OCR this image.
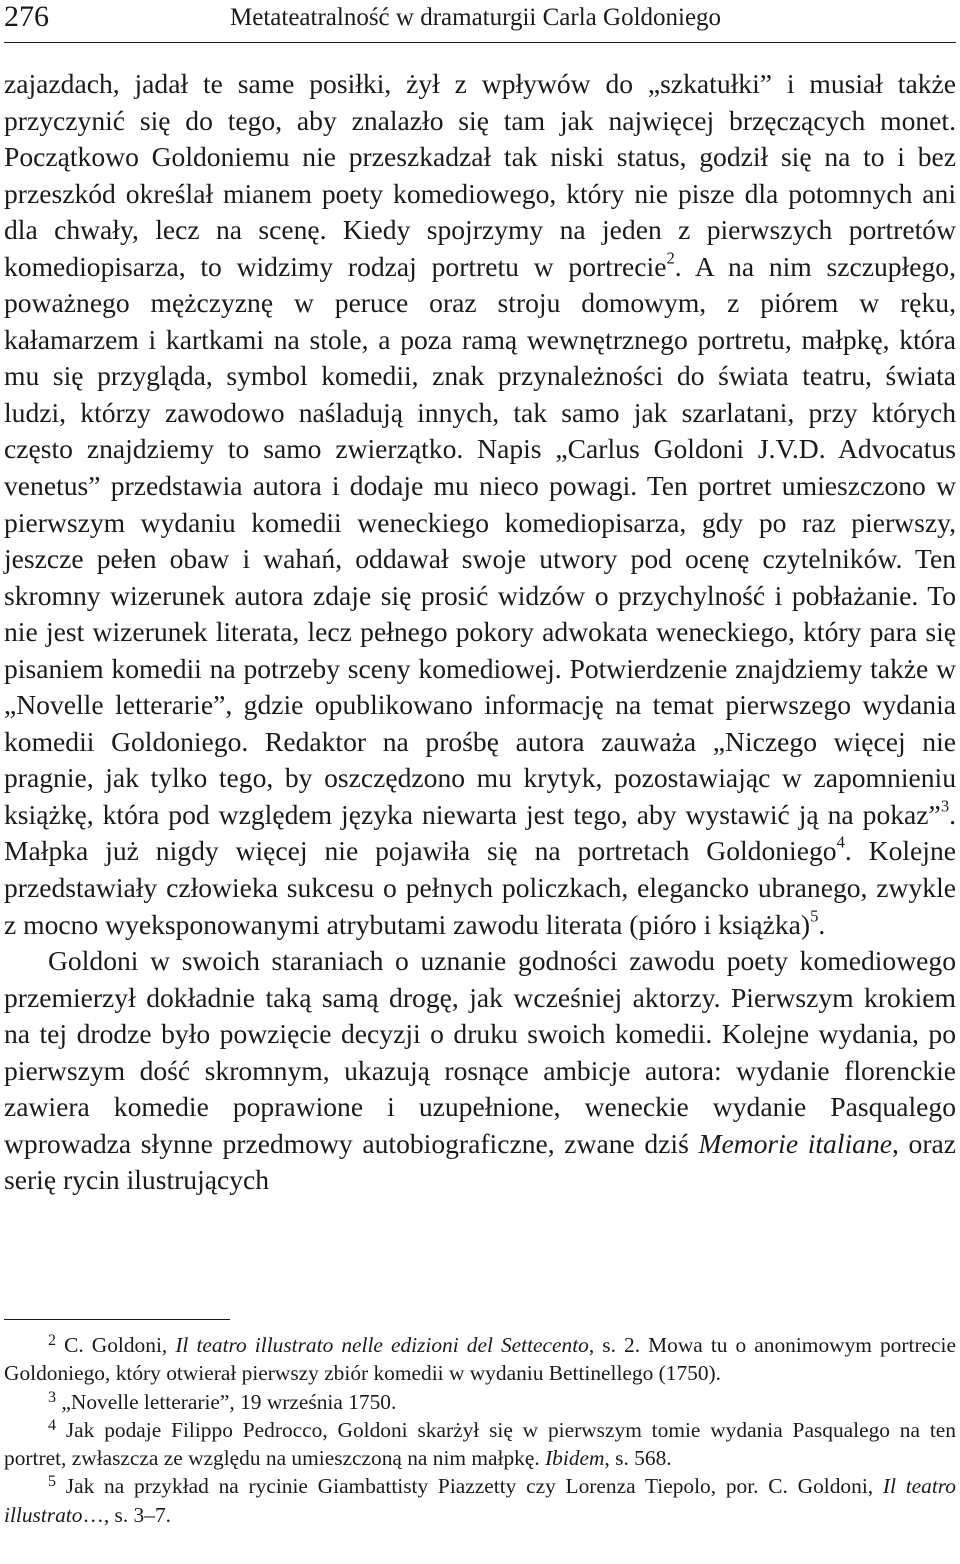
276	Metateatralność w dramaturgii Carla Goldoniego

zajazdach, jadał te same posiłki, żył z wpływów do „szkatułki” i musiał także przyczynić się do tego, aby znalazło się tam jak najwięcej brzęczących monet. Początkowo Goldoniemu nie przeszkadzał tak niski status, godził się na to i bez przeszkód określał mianem poety komediowego, który nie pisze dla potomnych ani dla chwały, lecz na scenę. Kiedy spojrzymy na jeden z pierwszych portretów komediopisarza, to widzimy rodzaj portretu w portrecie$^2$. A na nim szczupłego, poważnego mężczyznę w peruce oraz stroju domowym, z piórem w ręku, kałamarzem i kartkami na stole, a poza ramą wewnętrznego portretu, małpkę, która mu się przygląda, symbol komedii, znak przynależności do świata teatru, świata ludzi, którzy zawodowo naśladują innych, tak samo jak szarlatani, przy których często znajdziemy to samo zwierzątko. Napis „Carlus Goldoni J.V.D. Advocatus venetus” przedstawia autora i dodaje mu nieco powagi. Ten portret umieszczono w pierwszym wydaniu komedii weneckiego komediopisarza, gdy po raz pierwszy, jeszcze pełen obaw i wahań, oddawał swoje utwory pod ocenę czytelników. Ten skromny wizerunek autora zdaje się prosić widzów o przychylność i pobłażanie. To nie jest wizerunek literata, lecz pełnego pokory adwokata weneckiego, który para się pisaniem komedii na potrzeby sceny komediowej. Potwierdzenie znajdziemy także w „Novelle letterarie”, gdzie opublikowano informację na temat pierwszego wydania komedii Goldoniego. Redaktor na prośbę autora zauważa „Niczego więcej nie pragnie, jak tylko tego, by oszczędzono mu krytyk, pozostawiając w zapomnieniu książkę, która pod względem języka niewarta jest tego, aby wystawić ją na pokaz”$^3$. Małpka już nigdy więcej nie pojawiła się na portretach Goldoniego$^4$. Kolejne przedstawiały człowieka sukcesu o pełnych policzkach, elegancko ubranego, zwykle z mocno wyeksponowanymi atrybutami zawodu literata (pióro i książka)$^5$.

Goldoni w swoich staraniach o uznanie godności zawodu poety komediowego przemierzył dokładnie taką samą drogę, jak wcześniej aktorzy. Pierwszym krokiem na tej drodze było powzięcie decyzji o druku swoich komedii. Kolejne wydania, po pierwszym dość skromnym, ukazują rosnące ambicje autora: wydanie florenckie zawiera komedie poprawione i uzupełnione, weneckie wydanie Pasqualego wprowadza słynne przedmowy autobiograficzne, zwane dziś Memorie italiane, oraz serię rycin ilustrujących

$^2$ C. Goldoni, Il teatro illustrato nelle edizioni del Settecento, s. 2. Mowa tu o anonimowym portrecie Goldoniego, który otwierał pierwszy zbiór komedii w wydaniu Bettinellego (1750).

$^3$ „Novelle letterarie”, 19 września 1750.

$^4$ Jak podaje Filippo Pedrocco, Goldoni skarżył się w pierwszym tomie wydania Pasqualego na ten portret, zwłaszcza ze względu na umieszczoną na nim małpkę. Ibidem, s. 568.

$^5$ Jak na przykład na rycinie Giambattisty Piazzetty czy Lorenza Tiepolo, por. C. Goldoni, Il teatro illustrato…, s. 3–7.
